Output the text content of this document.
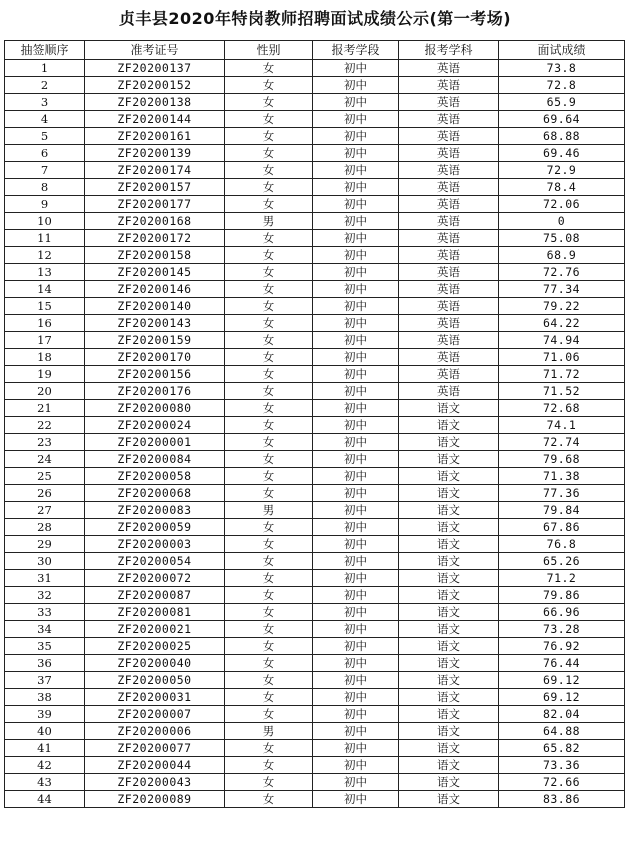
贞丰县2020年特岗教师招聘面试成绩公示(第一考场)
抽签顺序	准考证号	性别	报考学段	报考学科	面试成绩
1	ZF20200137	女	初中	英语	73.8
2	ZF20200152	女	初中	英语	72.8
3	ZF20200138	女	初中	英语	65.9
4	ZF20200144	女	初中	英语	69.64
5	ZF20200161	女	初中	英语	68.88
6	ZF20200139	女	初中	英语	69.46
7	ZF20200174	女	初中	英语	72.9
8	ZF20200157	女	初中	英语	78.4
9	ZF20200177	女	初中	英语	72.06
10	ZF20200168	男	初中	英语	0
11	ZF20200172	女	初中	英语	75.08
12	ZF20200158	女	初中	英语	68.9
13	ZF20200145	女	初中	英语	72.76
14	ZF20200146	女	初中	英语	77.34
15	ZF20200140	女	初中	英语	79.22
16	ZF20200143	女	初中	英语	64.22
17	ZF20200159	女	初中	英语	74.94
18	ZF20200170	女	初中	英语	71.06
19	ZF20200156	女	初中	英语	71.72
20	ZF20200176	女	初中	英语	71.52
21	ZF20200080	女	初中	语文	72.68
22	ZF20200024	女	初中	语文	74.1
23	ZF20200001	女	初中	语文	72.74
24	ZF20200084	女	初中	语文	79.68
25	ZF20200058	女	初中	语文	71.38
26	ZF20200068	女	初中	语文	77.36
27	ZF20200083	男	初中	语文	79.84
28	ZF20200059	女	初中	语文	67.86
29	ZF20200003	女	初中	语文	76.8
30	ZF20200054	女	初中	语文	65.26
31	ZF20200072	女	初中	语文	71.2
32	ZF20200087	女	初中	语文	79.86
33	ZF20200081	女	初中	语文	66.96
34	ZF20200021	女	初中	语文	73.28
35	ZF20200025	女	初中	语文	76.92
36	ZF20200040	女	初中	语文	76.44
37	ZF20200050	女	初中	语文	69.12
38	ZF20200031	女	初中	语文	69.12
39	ZF20200007	女	初中	语文	82.04
40	ZF20200006	男	初中	语文	64.88
41	ZF20200077	女	初中	语文	65.82
42	ZF20200044	女	初中	语文	73.36
43	ZF20200043	女	初中	语文	72.66
44	ZF20200089	女	初中	语文	83.86
